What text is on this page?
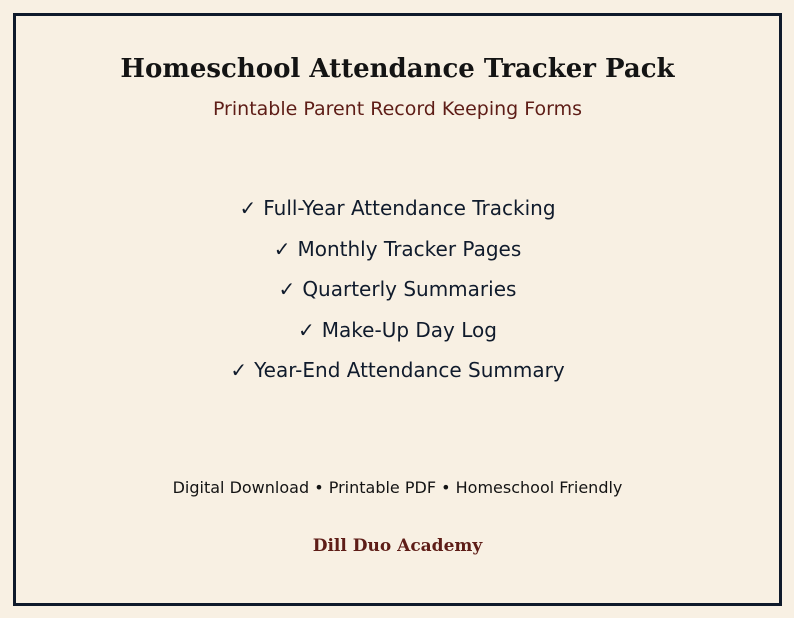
Homeschool Attendance Tracker Pack
Printable Parent Record Keeping Forms
✓ Full-Year Attendance Tracking
✓ Monthly Tracker Pages
✓ Quarterly Summaries
✓ Make-Up Day Log
✓ Year-End Attendance Summary
Digital Download • Printable PDF • Homeschool Friendly
Dill Duo Academy
